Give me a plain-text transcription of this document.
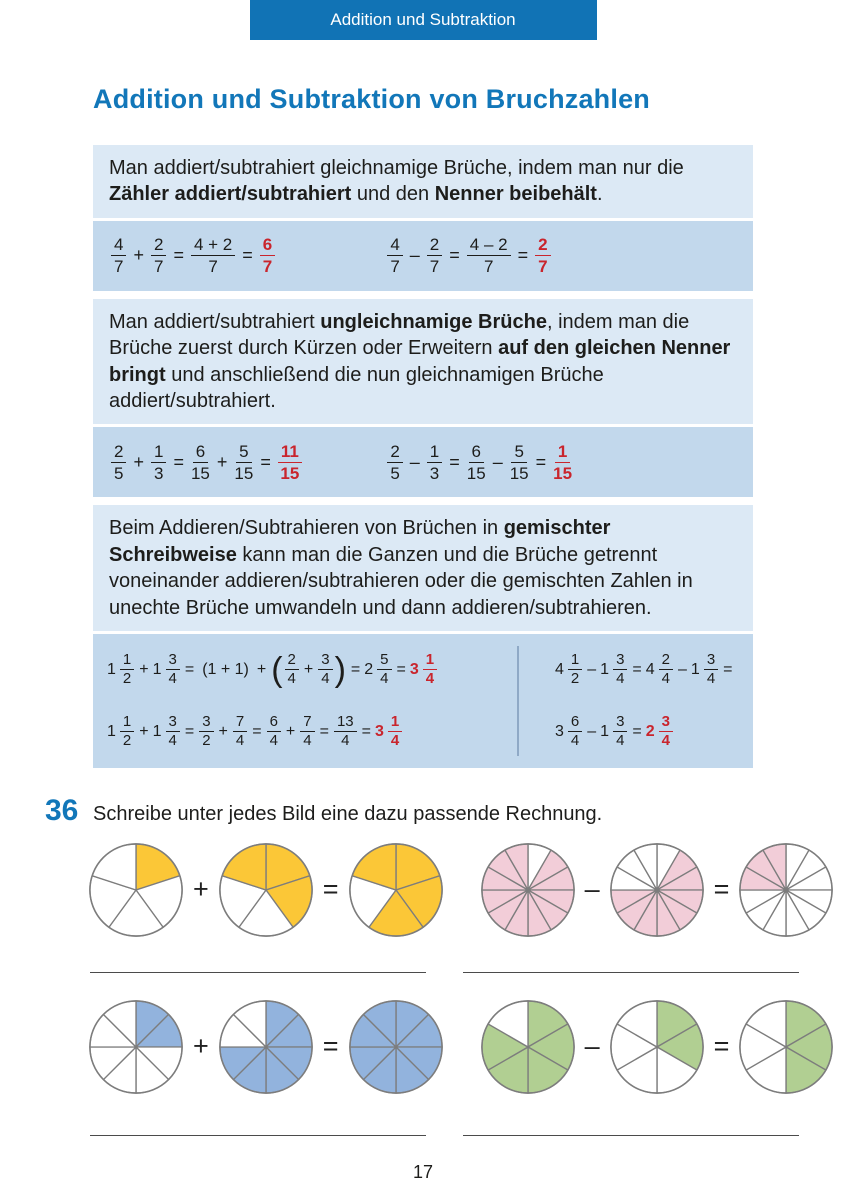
Addition und Subtraktion
Addition und Subtraktion von Bruchzahlen
Man addiert/subtrahiert gleichnamige Brüche, indem man nur die Zähler addiert/subtrahiert und den Nenner beibehält.
$\frac{4}{7} + \frac{2}{7} = \frac{4 + 2}{7} = \frac{6}{7}$	$\frac{4}{7} - \frac{2}{7} = \frac{4 - 2}{7} = \frac{2}{7}$
Man addiert/subtrahiert ungleichnamige Brüche, indem man die Brüche zuerst durch Kürzen oder Erweitern auf den gleichen Nenner bringt und anschließend die nun gleichnamigen Brüche addiert/subtrahiert.
$\frac{2}{5} + \frac{1}{3} = \frac{6}{15} + \frac{5}{15} = \frac{11}{15}$	$\frac{2}{5} - \frac{1}{3} = \frac{6}{15} - \frac{5}{15} = \frac{1}{15}$
Beim Addieren/Subtrahieren von Brüchen in gemischter Schreibweise kann man die Ganzen und die Brüche getrennt voneinander addieren/subtrahieren oder die gemischten Zahlen in unechte Brüche umwandeln und dann addieren/subtrahieren.
$1 \frac{1}{2} + 1 \frac{3}{4} = (1 + 1)$ + ( $\frac{2}{4} + \frac{3}{4}$ ) = $2 \frac{5}{4} = 3 \frac{1}{4}$
$1 \frac{1}{2} + 1 \frac{3}{4} = \frac{3}{2} + \frac{7}{4} = \frac{6}{4} + \frac{7}{4} = \frac{13}{4} = 3 \frac{1}{4}$
$4 \frac{1}{2} - 1 \frac{3}{4} = 4 \frac{2}{4} - 1 \frac{3}{4}$ =
$3 \frac{6}{4} - 1 \frac{3}{4} = 2 \frac{3}{4}$
36 Schreibe unter jedes Bild eine dazu passende Rechnung.
+	=	–	=
+	=	–	=
17
